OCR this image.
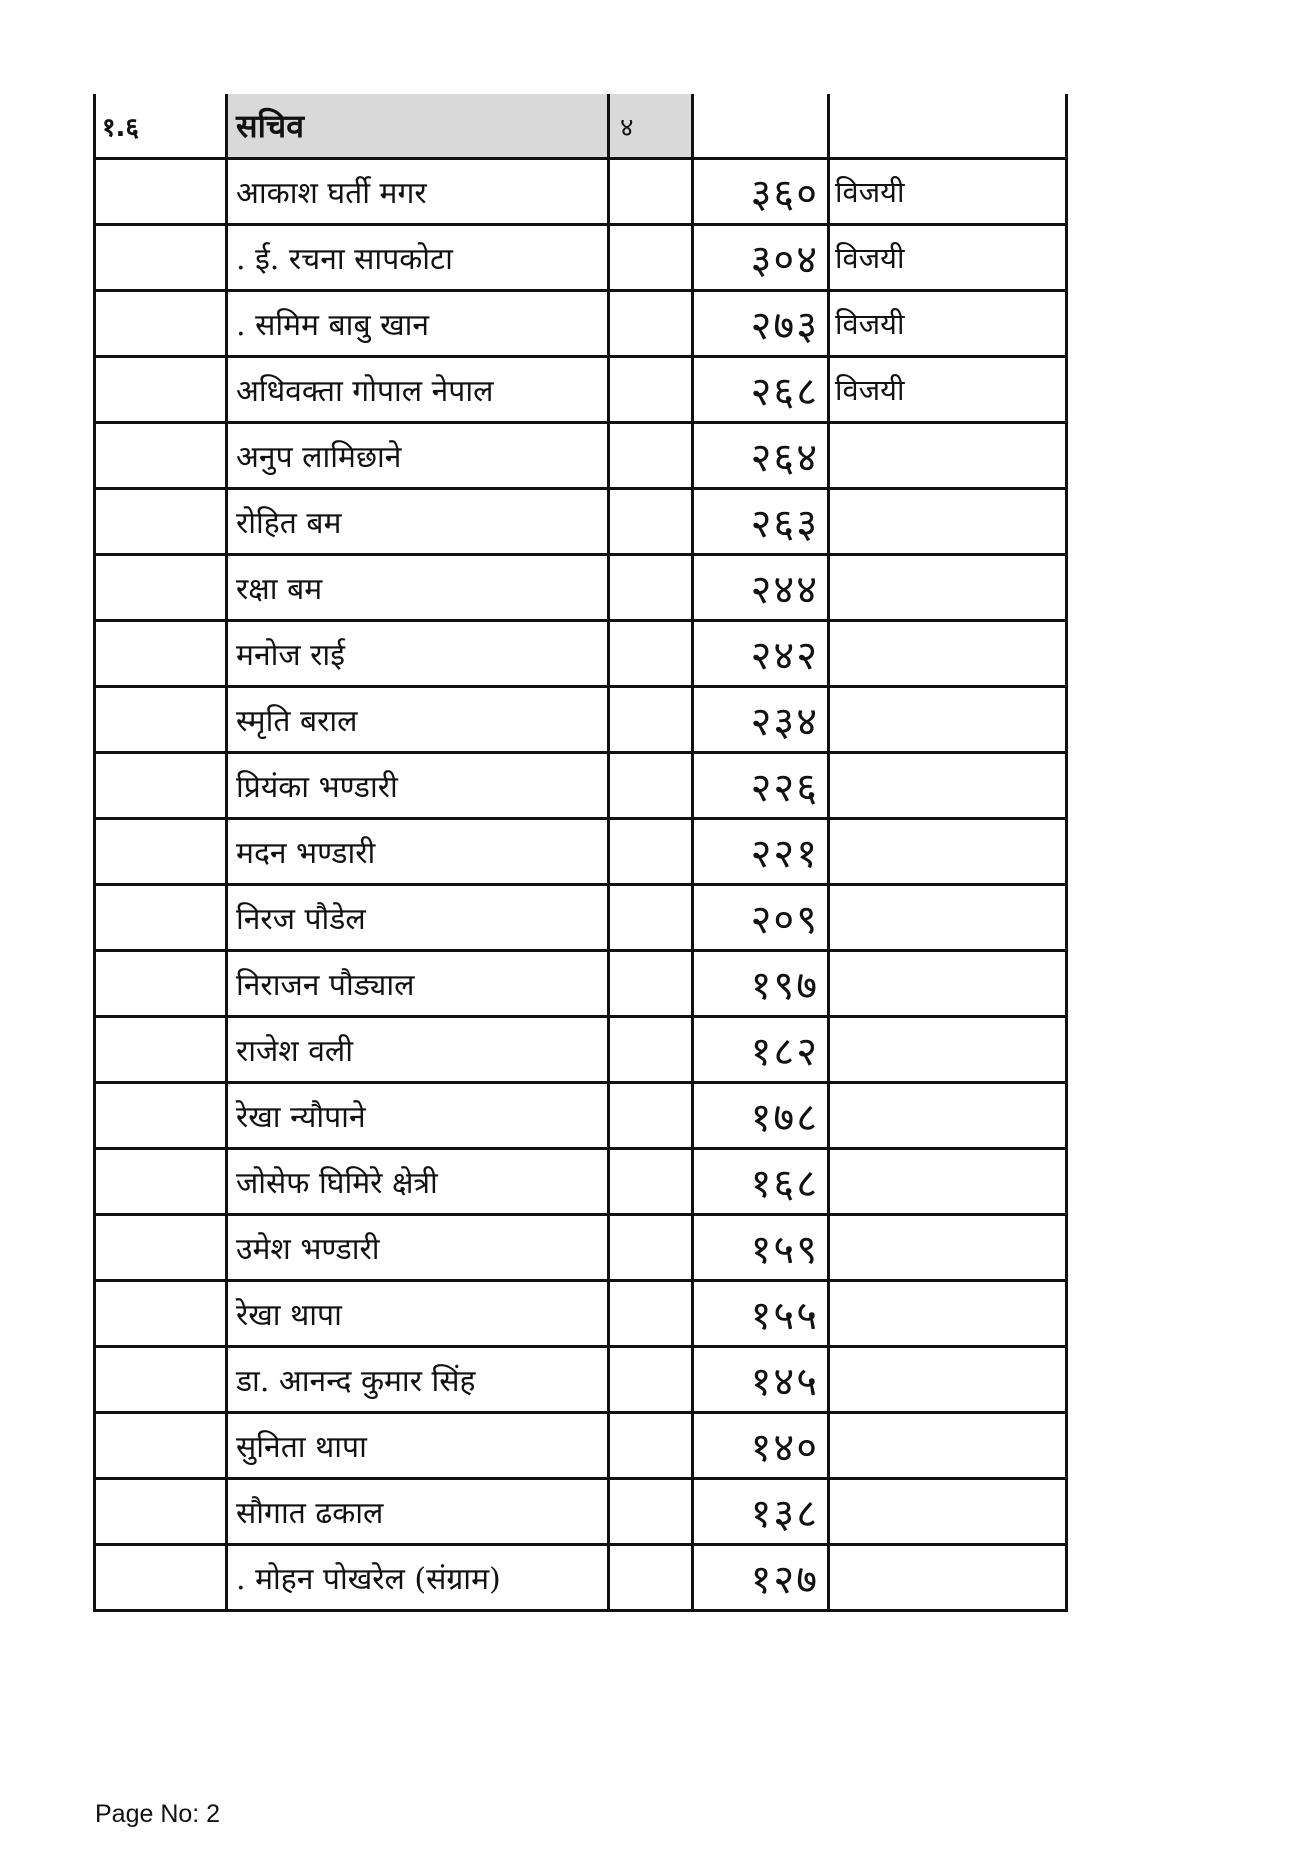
१.६	सचिव	४		

	आकाश घर्ती मगर		३६०	विजयी

	. ई. रचना सापकोटा		३०४	विजयी

	. समिम बाबु खान		२७३	विजयी

	अधिवक्ता गोपाल नेपाल		२६८	विजयी

	अनुप लामिछाने		२६४	

	रोहित बम		२६३	

	रक्षा बम		२४४	

	मनोज राई		२४२	

	स्मृति बराल		२३४	

	प्रियंका भण्डारी		२२६	

	मदन भण्डारी		२२१	

	निरज पौडेल		२०९	

	निराजन पौड्याल		१९७	

	राजेश वली		१८२	

	रेखा न्यौपाने		१७८	

	जोसेफ घिमिरे क्षेत्री		१६८	

	उमेश भण्डारी		१५९	

	रेखा थापा		१५५	

	डा. आनन्द कुमार सिंह		१४५	

	सुनिता थापा		१४०	

	सौगात ढकाल		१३८	

	. मोहन पोखरेल (संग्राम)		१२७	

Page No: 2
